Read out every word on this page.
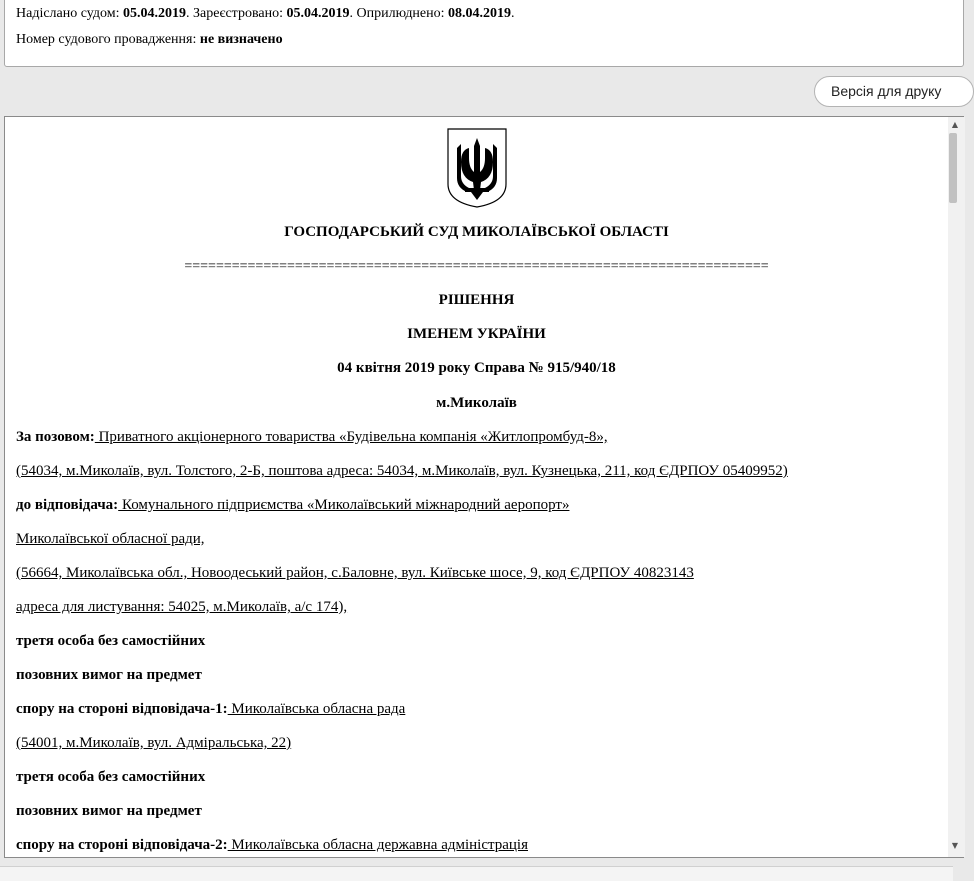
Надіслано судом: 05.04.2019. Зареєстровано: 05.04.2019. Оприлюднено: 08.04.2019.
Номер судового провадження: не визначено
Версія для друку
ГОСПОДАРСЬКИЙ СУД МИКОЛАЇВСЬКОЇ ОБЛАСТІ
==========================================================================
РІШЕННЯ
ІМЕНЕМ УКРАЇНИ
04 квітня 2019 року Справа № 915/940/18
м.Миколаїв
За позовом: Приватного акціонерного товариства «Будівельна компанія «Житлопромбуд-8»,
(54034, м.Миколаїв, вул. Толстого, 2-Б, поштова адреса: 54034, м.Миколаїв, вул. Кузнецька, 211, код ЄДРПОУ 05409952)
до відповідача: Комунального підприємства «Миколаївський міжнародний аеропорт»
Миколаївської обласної ради,
(56664, Миколаївська обл., Новоодеський район, с.Баловне, вул. Київське шосе, 9, код ЄДРПОУ 40823143
адреса для листування: 54025, м.Миколаїв, а/с 174),
третя особа без самостійних
позовних вимог на предмет
спору на стороні відповідача-1: Миколаївська обласна рада
(54001, м.Миколаїв, вул. Адміральська, 22)
третя особа без самостійних
позовних вимог на предмет
спору на стороні відповідача-2: Миколаївська обласна державна адміністрація
▲
▼
